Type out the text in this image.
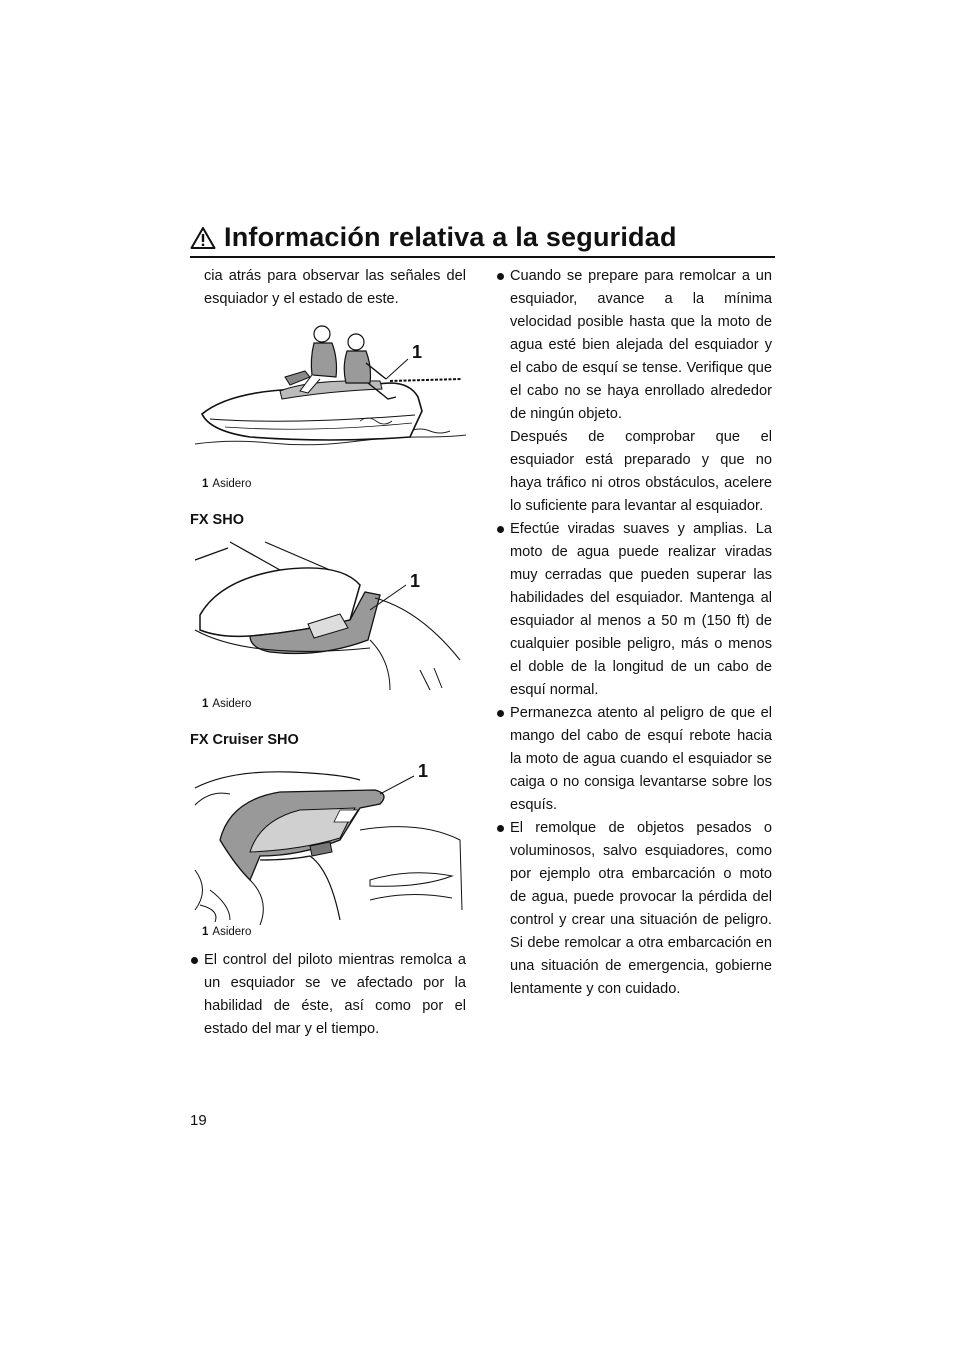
Información relativa a la seguridad

cia atrás para observar las señales del esquiador y el estado de este.

1
1 Asidero
FX SHO
1
1 Asidero
FX Cruiser SHO
1
1 Asidero

El control del piloto mientras remolca a un esquiador se ve afectado por la habilidad de éste, así como por el estado del mar y el tiempo.

Cuando se prepare para remolcar a un esquiador, avance a la mínima velocidad posible hasta que la moto de agua esté bien alejada del esquiador y el cabo de esquí se tense. Verifique que el cabo no se haya enrollado alrededor de ningún objeto.

Después de comprobar que el esquiador está preparado y que no haya tráfico ni otros obstáculos, acelere lo suficiente para levantar al esquiador.

Efectúe viradas suaves y amplias. La moto de agua puede realizar viradas muy cerradas que pueden superar las habilidades del esquiador. Mantenga al esquiador al menos a 50 m (150 ft) de cualquier posible peligro, más o menos el doble de la longitud de un cabo de esquí normal.

Permanezca atento al peligro de que el mango del cabo de esquí rebote hacia la moto de agua cuando el esquiador se caiga o no consiga levantarse sobre los esquís.

El remolque de objetos pesados o voluminosos, salvo esquiadores, como por ejemplo otra embarcación o moto de agua, puede provocar la pérdida del control y crear una situación de peligro. Si debe remolcar a otra embarcación en una situación de emergencia, gobierne lentamente y con cuidado.

19
